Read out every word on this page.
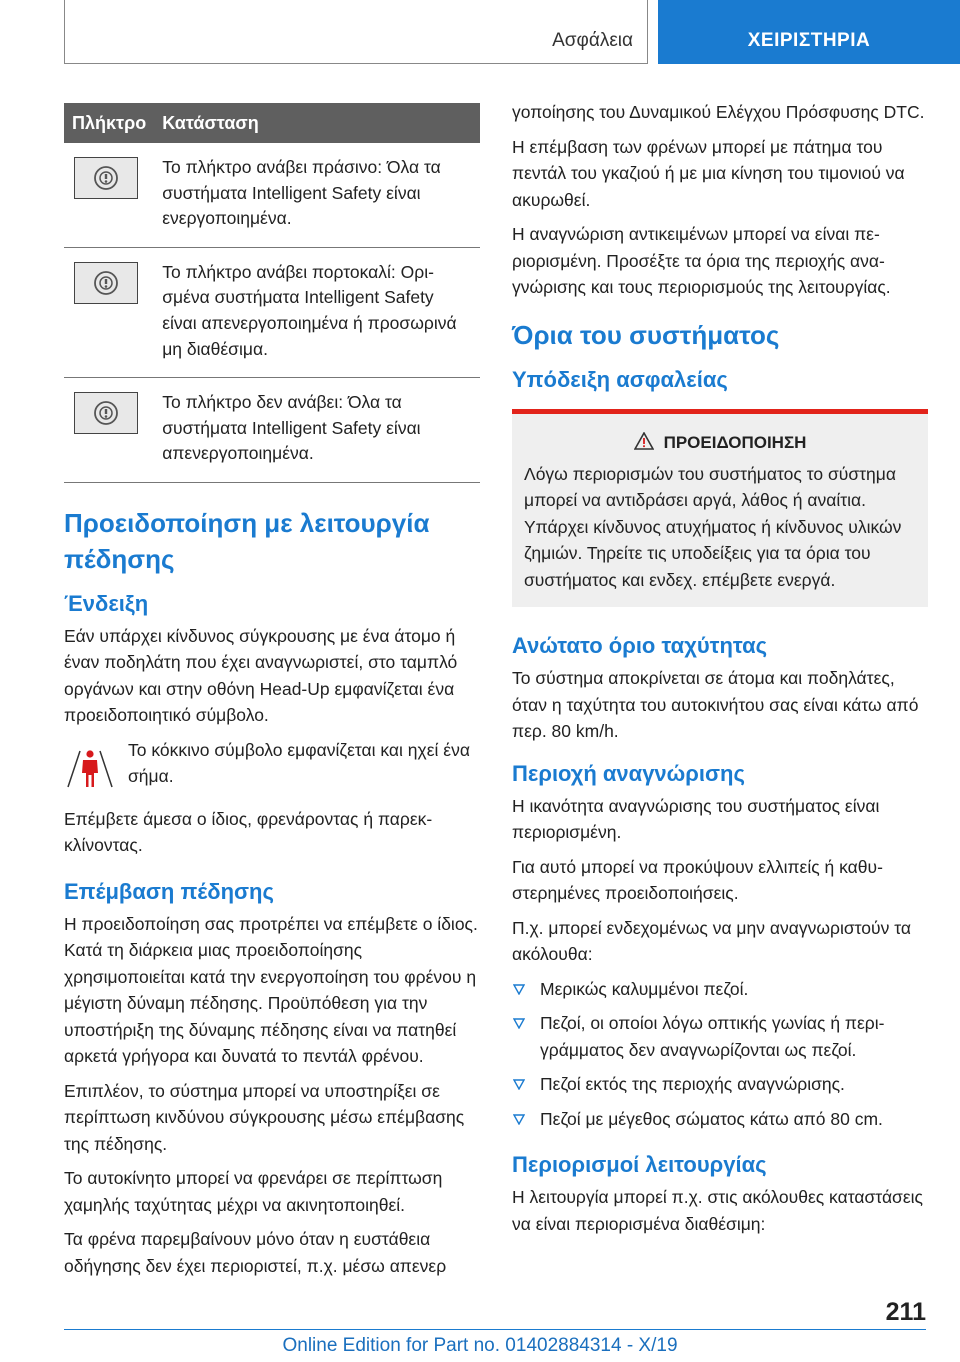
Ασφάλεια	ΧΕΙΡΙΣΤΗΡΙΑ
Πλήκτρο	Κατάσταση

	Το πλήκτρο ανάβει πράσινο: Όλα τα συστήματα Intelligent Safety είναι ενεργοποιημένα.

	Το πλήκτρο ανάβει πορτοκαλί: Ορισμένα συστήματα Intelligent Safety είναι απενεργοποιημένα ή προσωρινά μη διαθέσιμα.

	Το πλήκτρο δεν ανάβει: Όλα τα συστήματα Intelligent Safety είναι απενεργοποιημένα.
Προειδοποίηση με λειτουργία πέδησης
Ένδειξη

Εάν υπάρχει κίνδυνος σύγκρουσης με ένα άτομο ή έναν ποδηλάτη που έχει αναγνωριστεί, στο ταμπλό οργάνων και στην οθόνη Head-Up εμφανίζεται ένα προειδοποιητικό σύμβολο.

Το κόκκινο σύμβολο εμφανίζεται και ηχεί ένα σήμα.

Επέμβετε άμεσα ο ίδιος, φρενάροντας ή παρεκκλίνοντας.

Επέμβαση πέδησης

Η προειδοποίηση σας προτρέπει να επέμβετε ο ίδιος. Κατά τη διάρκεια μιας προειδοποίησης χρησιμοποιείται κατά την ενεργοποίηση του φρένου η μέγιστη δύναμη πέδησης. Προϋπόθεση για την υποστήριξη της δύναμης πέδησης είναι να πατηθεί αρκετά γρήγορα και δυνατά το πεντάλ φρένου.

Επιπλέον, το σύστημα μπορεί να υποστηρίξει σε περίπτωση κινδύνου σύγκρουσης μέσω επέμβασης της πέδησης.

Το αυτοκίνητο μπορεί να φρενάρει σε περίπτωση χαμηλής ταχύτητας μέχρι να ακινητοποιηθεί.

Τα φρένα παρεμβαίνουν μόνο όταν η ευστάθεια οδήγησης δεν έχει περιοριστεί, π.χ. μέσω απενερ

γοποίησης του Δυναμικού Ελέγχου Πρόσφυσης DTC.

Η επέμβαση των φρένων μπορεί με πάτημα του πεντάλ του γκαζιού ή με μια κίνηση του τιμονιού να ακυρωθεί.

Η αναγνώριση αντικειμένων μπορεί να είναι περιορισμένη. Προσέξτε τα όρια της περιοχής αναγνώρισης και τους περιορισμούς της λειτουργίας.

Όρια του συστήματος
Υπόδειξη ασφαλείας
ΠΡΟΕΙΔΟΠΟΙΗΣΗ

Λόγω περιορισμών του συστήματος το σύστημα μπορεί να αντιδράσει αργά, λάθος ή αναίτια. Υπάρχει κίνδυνος ατυχήματος ή κίνδυνος υλικών ζημιών. Τηρείτε τις υποδείξεις για τα όρια του συστήματος και ενδεχ. επέμβετε ενεργά.

Ανώτατο όριο ταχύτητας

Το σύστημα αποκρίνεται σε άτομα και ποδηλάτες, όταν η ταχύτητα του αυτοκινήτου σας είναι κάτω από περ. 80 km/h.

Περιοχή αναγνώρισης

Η ικανότητα αναγνώρισης του συστήματος είναι περιορισμένη.

Για αυτό μπορεί να προκύψουν ελλιπείς ή καθυστερημένες προειδοποιήσεις.

Π.χ. μπορεί ενδεχομένως να μην αναγνωριστούν τα ακόλουθα:

Μερικώς καλυμμένοι πεζοί.
Πεζοί, οι οποίοι λόγω οπτικής γωνίας ή περιγράμματος δεν αναγνωρίζονται ως πεζοί.
Πεζοί εκτός της περιοχής αναγνώρισης.
Πεζοί με μέγεθος σώματος κάτω από 80 cm.
Περιορισμοί λειτουργίας

Η λειτουργία μπορεί π.χ. στις ακόλουθες καταστάσεις να είναι περιορισμένα διαθέσιμη:

211
Online Edition for Part no. 01402884314 - X/19
